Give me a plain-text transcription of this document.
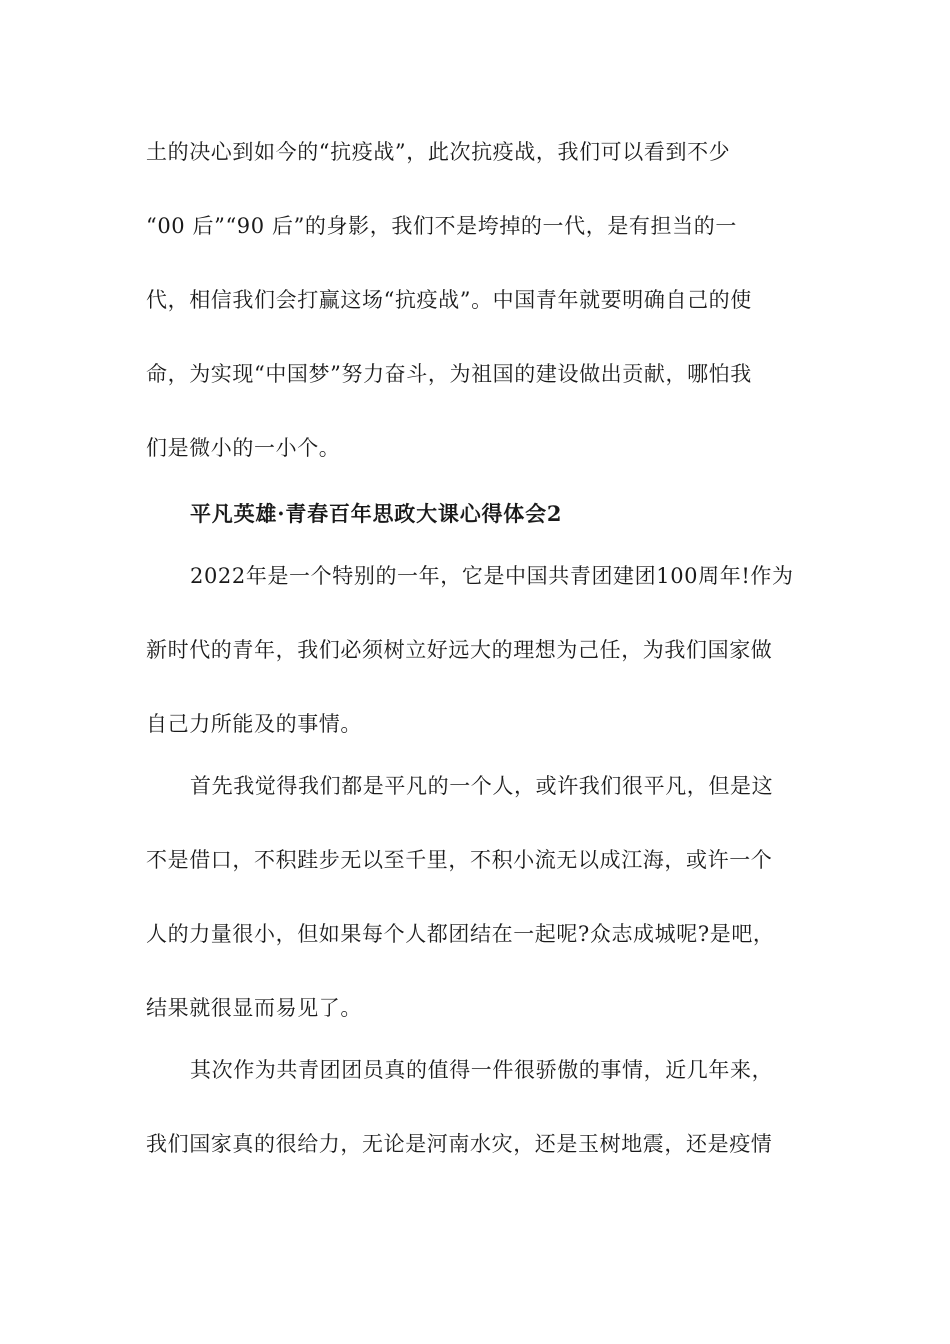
土的决心到如今的“抗疫战”，此次抗疫战，我们可以看到不少
“00 后”“90 后”的身影，我们不是垮掉的一代，是有担当的一
代，相信我们会打赢这场“抗疫战”。中国青年就要明确自己的使
命，为实现“中国梦”努力奋斗，为祖国的建设做出贡献，哪怕我
们是微小的一小个。
平凡英雄·青春百年思政大课心得体会2
2022年是一个特别的一年，它是中国共青团建团100周年!作为
新时代的青年，我们必须树立好远大的理想为己任，为我们国家做
自己力所能及的事情。
首先我觉得我们都是平凡的一个人，或许我们很平凡，但是这
不是借口，不积跬步无以至千里，不积小流无以成江海，或许一个
人的力量很小，但如果每个人都团结在一起呢?众志成城呢?是吧，
结果就很显而易见了。
其次作为共青团团员真的值得一件很骄傲的事情，近几年来，
我们国家真的很给力，无论是河南水灾，还是玉树地震，还是疫情
